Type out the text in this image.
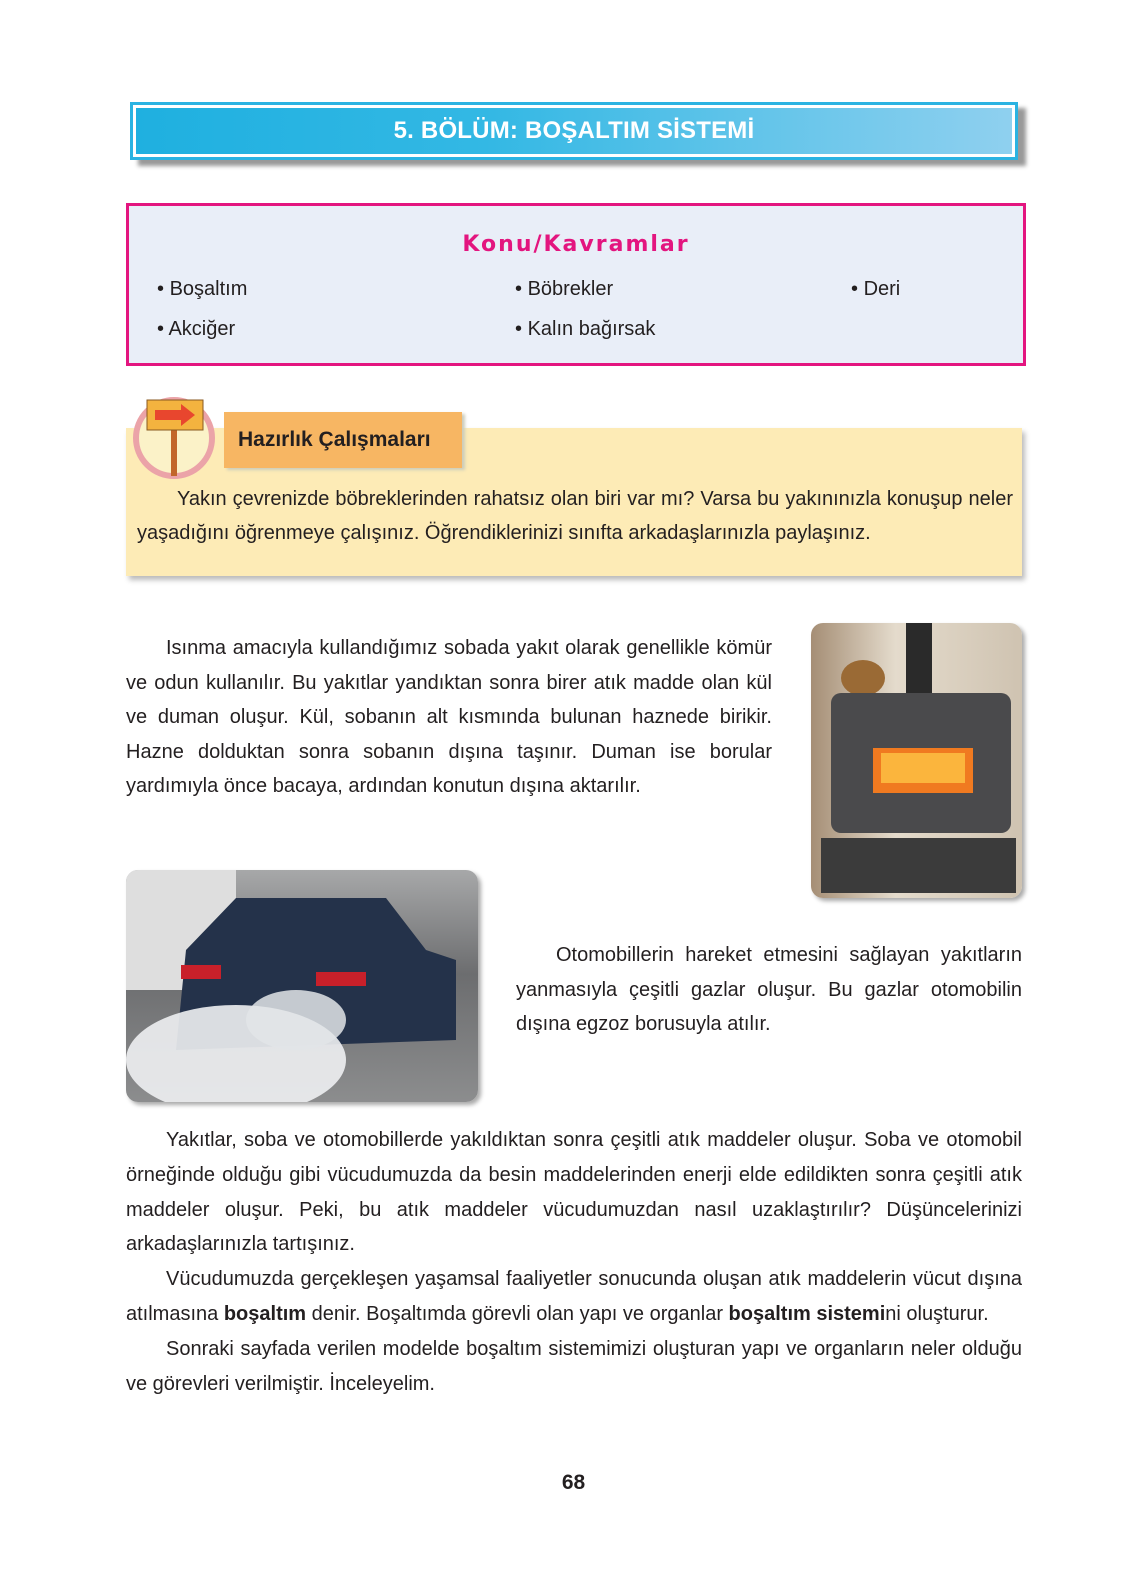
5. BÖLÜM: BOŞALTIM SİSTEMİ
Konu/Kavramlar
• Boşaltım	• Böbrekler	• Deri
• Akciğer	• Kalın bağırsak

Yakın çevrenizde böbreklerinden rahatsız olan biri var mı? Varsa bu yakınınızla konuşup neler yaşadığını öğrenmeye çalışınız. Öğrendiklerinizi sınıfta arkadaşlarınızla paylaşınız.

Hazırlık Çalışmaları

Isınma amacıyla kullandığımız sobada yakıt olarak genellikle kömür ve odun kullanılır. Bu yakıtlar yandıktan sonra birer atık madde olan kül ve duman oluşur. Kül, sobanın alt kısmında bulunan haznede birikir. Hazne dolduktan sonra sobanın dışına taşınır. Duman ise borular yardımıyla önce bacaya, ardından konutun dışına aktarılır.

Otomobillerin hareket etmesini sağlayan yakıtların yanmasıyla çeşitli gazlar oluşur. Bu gazlar otomobilin dışına egzoz borusuyla atılır.

Yakıtlar, soba ve otomobillerde yakıldıktan sonra çeşitli atık maddeler oluşur. Soba ve otomobil örneğinde olduğu gibi vücudumuzda da besin maddelerinden enerji elde edildikten sonra çeşitli atık maddeler oluşur. Peki, bu atık maddeler vücudumuzdan nasıl uzaklaştırılır? Düşüncelerinizi arkadaşlarınızla tartışınız.

Vücudumuzda gerçekleşen yaşamsal faaliyetler sonucunda oluşan atık maddelerin vücut dışına atılmasına boşaltım denir. Boşaltımda görevli olan yapı ve organlar boşaltım sistemini oluşturur.

Sonraki sayfada verilen modelde boşaltım sistemimizi oluşturan yapı ve organların neler olduğu ve görevleri verilmiştir. İnceleyelim.

68
